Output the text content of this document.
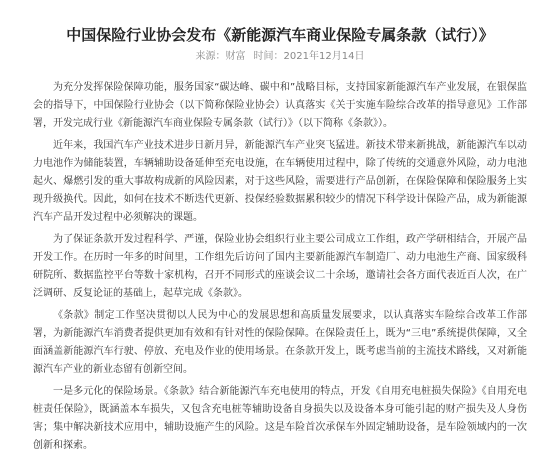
中国保险行业协会发布《新能源汽车商业保险专属条款（试行）》
来源：财富 时间：2021年12月14日

为充分发挥保险保障功能，服务国家“碳达峰、碳中和”战略目标，支持国家新能源汽车产业发展，在银保监会的指导下，中国保险行业协会（以下简称保险业协会）认真落实《关于实施车险综合改革的指导意见》工作部署，开发完成行业《新能源汽车商业保险专属条款（试行）》（以下简称《条款》）。

近年来，我国汽车产业技术进步日新月异，新能源汽车产业突飞猛进。新技术带来新挑战，新能源汽车以动力电池作为储能装置，车辆辅助设备延伸至充电设施，在车辆使用过程中，除了传统的交通意外风险，动力电池起火、爆燃引发的重大事故构成新的风险因素，对于这些风险，需要进行产品创新，在保险保障和保险服务上实现升级换代。因此，如何在技术不断迭代更新、投保经验数据累积较少的情况下科学设计保险产品，成为新能源汽车产品开发过程中必须解决的课题。

为了保证条款开发过程科学、严谨，保险业协会组织行业主要公司成立工作组，政产学研相结合，开展产品开发工作。在历时一年多的时间里，工作组先后访问了国内主要新能源汽车制造厂、动力电池生产商、国家级科研院所、数据监控平台等数十家机构，召开不同形式的座谈会议二十余场，邀请社会各方面代表近百人次，在广泛调研、反复论证的基础上，起草完成《条款》。

《条款》制定工作坚决贯彻以人民为中心的发展思想和高质量发展要求，以认真落实车险综合改革工作部署，为新能源汽车消费者提供更加有效和有针对性的保险保障。在保险责任上，既为“三电”系统提供保障，又全面涵盖新能源汽车行驶、停放、充电及作业的使用场景。在条款开发上，既考虑当前的主流技术路线，又对新能源汽车产业的新业态留有创新空间。

一是多元化的保险场景。《条款》结合新能源汽车充电使用的特点，开发《自用充电桩损失保险》《自用充电桩责任保险》，既涵盖本车损失，又包含充电桩等辅助设备自身损失以及设备本身可能引起的财产损失及人身伤害；集中解决新技术应用中，辅助设施产生的风险。这是车险首次承保车外固定辅助设备，是车险领域内的一次创新和探索。
